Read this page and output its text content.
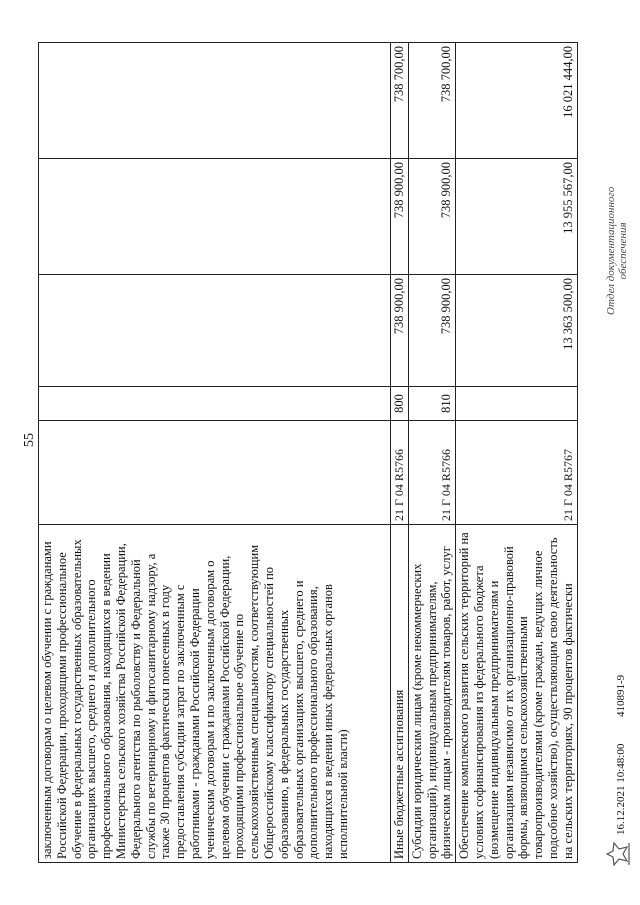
55
заключенным договорам о целевом обучении с гражданами Российской Федерации, проходящими профессиональное обучение в федеральных государственных образовательных организациях высшего, среднего и дополнительного профессионального образования, находящихся в ведении Министерства сельского хозяйства Российской Федерации, Федерального агентства по рыболовству и Федеральной службы по ветеринарному и фитосанитарному надзору, а также 30 процентов фактически понесенных в году предоставления субсидии затрат по заключенным с работниками - гражданами Российской Федерации ученическим договорам и по заключенным договорам о целевом обучении с гражданами Российской Федерации, проходящими профессиональное обучение по сельскохозяйственным специальностям, соответствующим Общероссийскому классификатору специальностей по образованию, в федеральных государственных образовательных организациях высшего, среднего и дополнительного профессионального образования, находящихся в ведении иных федеральных органов исполнительной власти)					
Иные бюджетные ассигнования	21 Г 04 R5766	800	738 900,00	738 900,00	738 700,00
Субсидии юридическим лицам (кроме некоммерческих организаций), индивидуальным предпринимателям, физическим лицам - производителям товаров, работ, услуг	21 Г 04 R5766	810	738 900,00	738 900,00	738 700,00
Обеспечение комплексного развития сельских территорий на условиях софинансирования из федерального бюджета (возмещение индивидуальным предпринимателям и организациям независимо от их организационно-правовой формы, являющимся сельскохозяйственными товаропроизводителями (кроме граждан, ведущих личное подсобное хозяйство), осуществляющим свою деятельность на сельских территориях, 90 процентов фактически	21 Г 04 R5767		13 363 500,00	13 955 567,00	16 021 444,00
16.12.2021 10:48:00
410891-9
Отдел документационного обеспечения
